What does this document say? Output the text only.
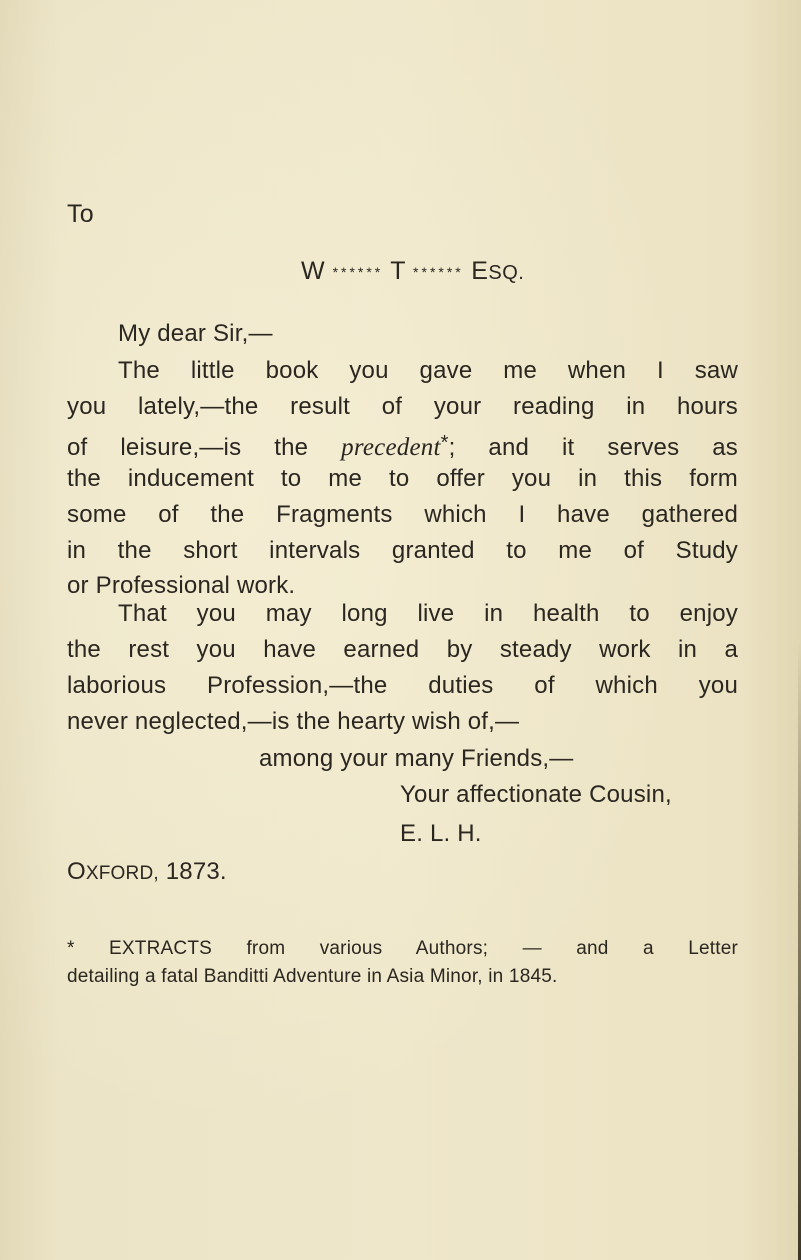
To
W ****** T ****** ESQ.
My dear Sir,—
The little book you gave me when I saw
you lately,—the result of your reading in hours
of leisure,—is the precedent*; and it serves as
the inducement to me to offer you in this form
some of the Fragments which I have gathered
in the short intervals granted to me of Study
or Professional work.
That you may long live in health to enjoy
the rest you have earned by steady work in a
laborious Profession,—the duties of which you
never neglected,—is the hearty wish of,—
among your many Friends,—
Your affectionate Cousin,
E. L. H.
OXFORD, 1873.
* EXTRACTS from various Authors; — and a Letter
detailing a fatal Banditti Adventure in Asia Minor, in 1845.
